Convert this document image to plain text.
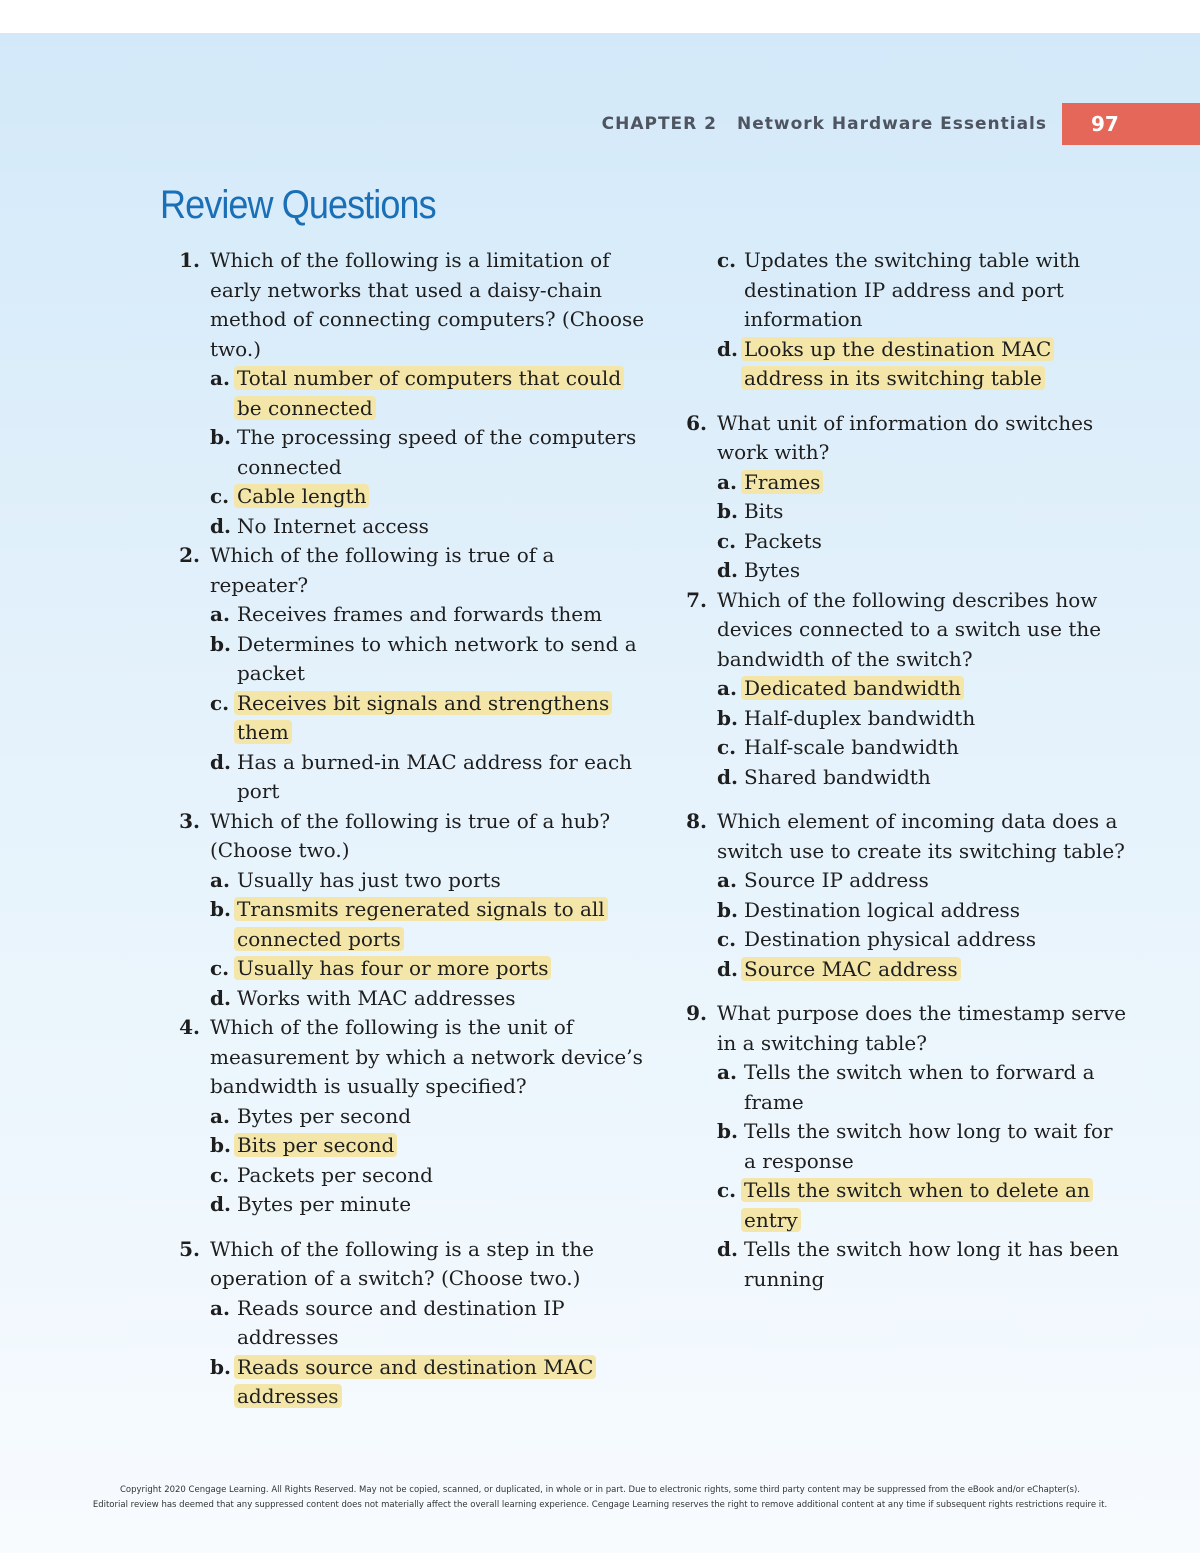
CHAPTER 2 Network Hardware Essentials	97
Review Questions
1. Which of the following is a limitation of early networks that used a daisy-chain method of connecting computers? (Choose two.)
a. Total number of computers that could be connected
b. The processing speed of the computers connected
c. Cable length
d. No Internet access
2. Which of the following is true of a repeater?
a. Receives frames and forwards them
b. Determines to which network to send a packet
c. Receives bit signals and strengthens them
d. Has a burned-in MAC address for each port
3. Which of the following is true of a hub? (Choose two.)
a. Usually has just two ports
b. Transmits regenerated signals to all connected ports
c. Usually has four or more ports
d. Works with MAC addresses
4. Which of the following is the unit of measurement by which a network device’s bandwidth is usually specified?
a. Bytes per second
b. Bits per second
c. Packets per second
d. Bytes per minute
5. Which of the following is a step in the operation of a switch? (Choose two.)
a. Reads source and destination IP addresses
b. Reads source and destination MAC addresses
c. Updates the switching table with destination IP address and port information
d. Looks up the destination MAC address in its switching table
6. What unit of information do switches work with?
a. Frames
b. Bits
c. Packets
d. Bytes
7. Which of the following describes how devices connected to a switch use the bandwidth of the switch?
a. Dedicated bandwidth
b. Half-duplex bandwidth
c. Half-scale bandwidth
d. Shared bandwidth
8. Which element of incoming data does a switch use to create its switching table?
a. Source IP address
b. Destination logical address
c. Destination physical address
d. Source MAC address
9. What purpose does the timestamp serve in a switching table?
a. Tells the switch when to forward a frame
b. Tells the switch how long to wait for a response
c. Tells the switch when to delete an entry
d. Tells the switch how long it has been running
Copyright 2020 Cengage Learning. All Rights Reserved. May not be copied, scanned, or duplicated, in whole or in part. Due to electronic rights, some third party content may be suppressed from the eBook and/or eChapter(s).
Editorial review has deemed that any suppressed content does not materially affect the overall learning experience. Cengage Learning reserves the right to remove additional content at any time if subsequent rights restrictions require it.
